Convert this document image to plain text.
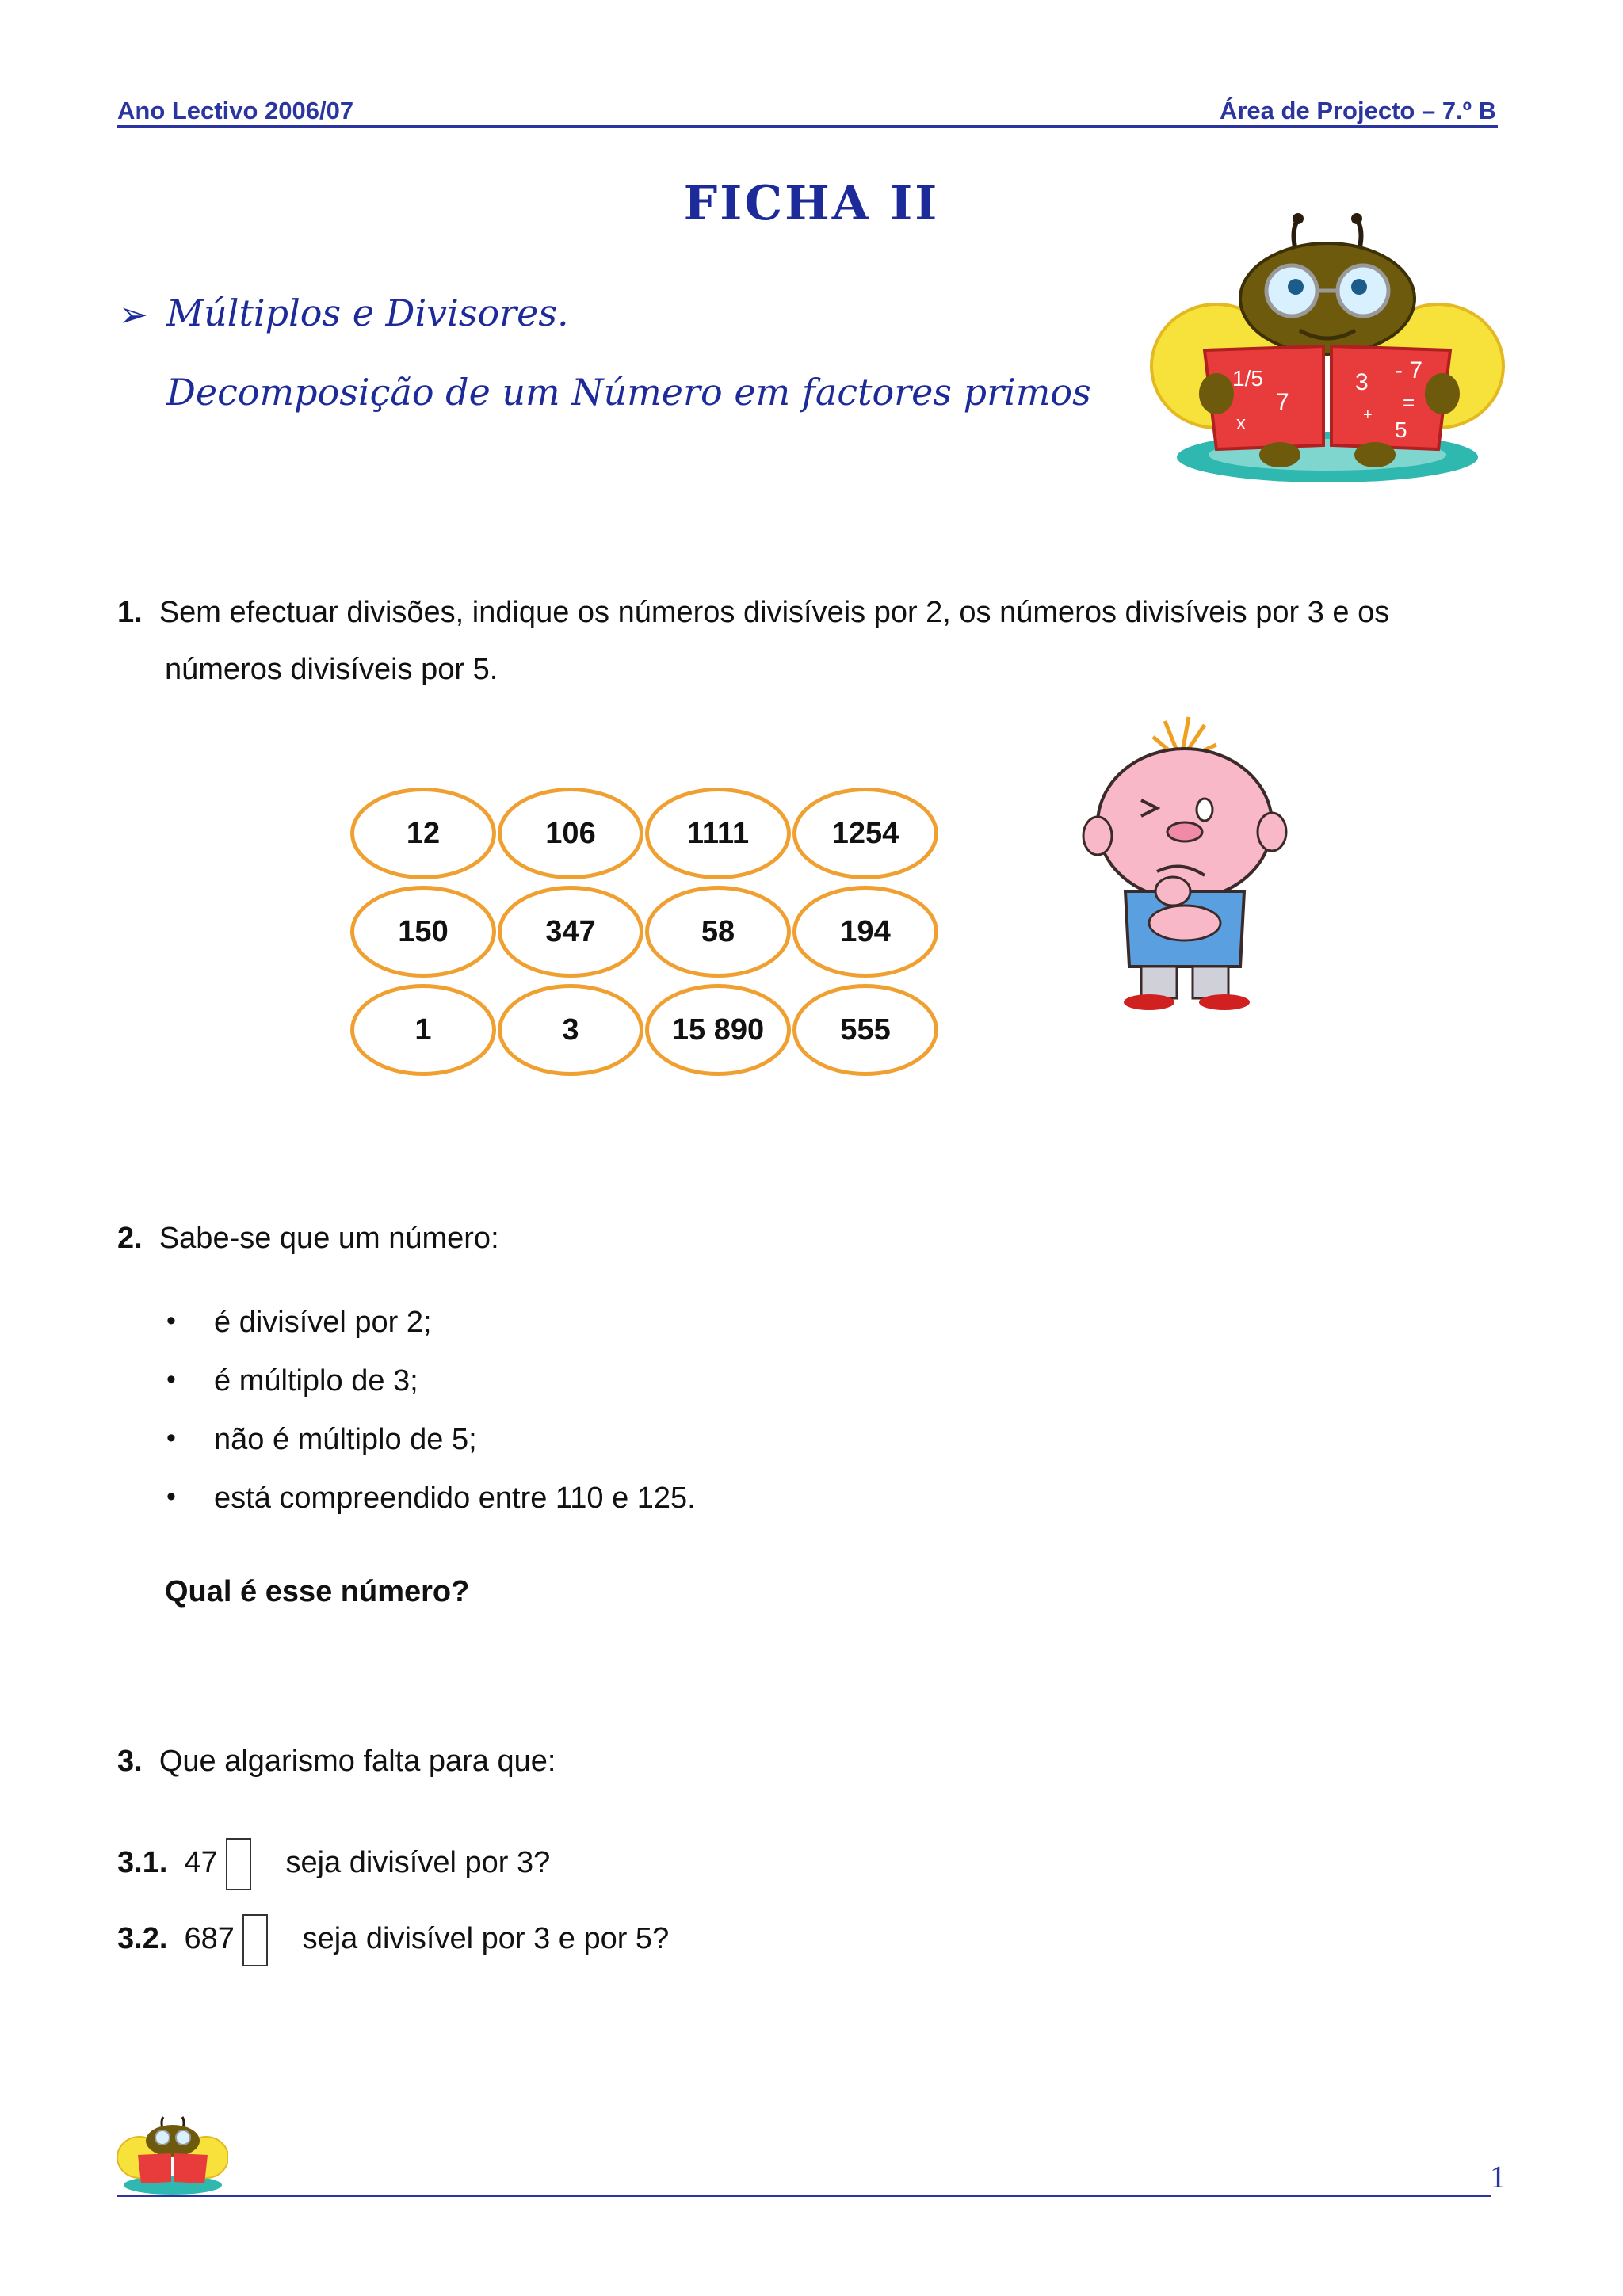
Ano Lectivo 2006/07	Área de Projecto – 7.º B
FICHA II
➢ Múltiplos e Divisores.
Decomposição de um Número em factores primos	1/5
7
x
3 - 7
=
+
5
1. Sem efectuar divisões, indique os números divisíveis por 2, os números divisíveis por 3 e os
números divisíveis por 5.
12	106	1111	1254
150	347	58	194
1	3	15 890	555
2. Sabe-se que um número:
• é divisível por 2;
• é múltiplo de 3;
• não é múltiplo de 5;
• está compreendido entre 110 e 125.
Qual é esse número?
3. Que algarismo falta para que:
3.1. 47 seja divisível por 3?
3.2. 687 seja divisível por 3 e por 5?
1
